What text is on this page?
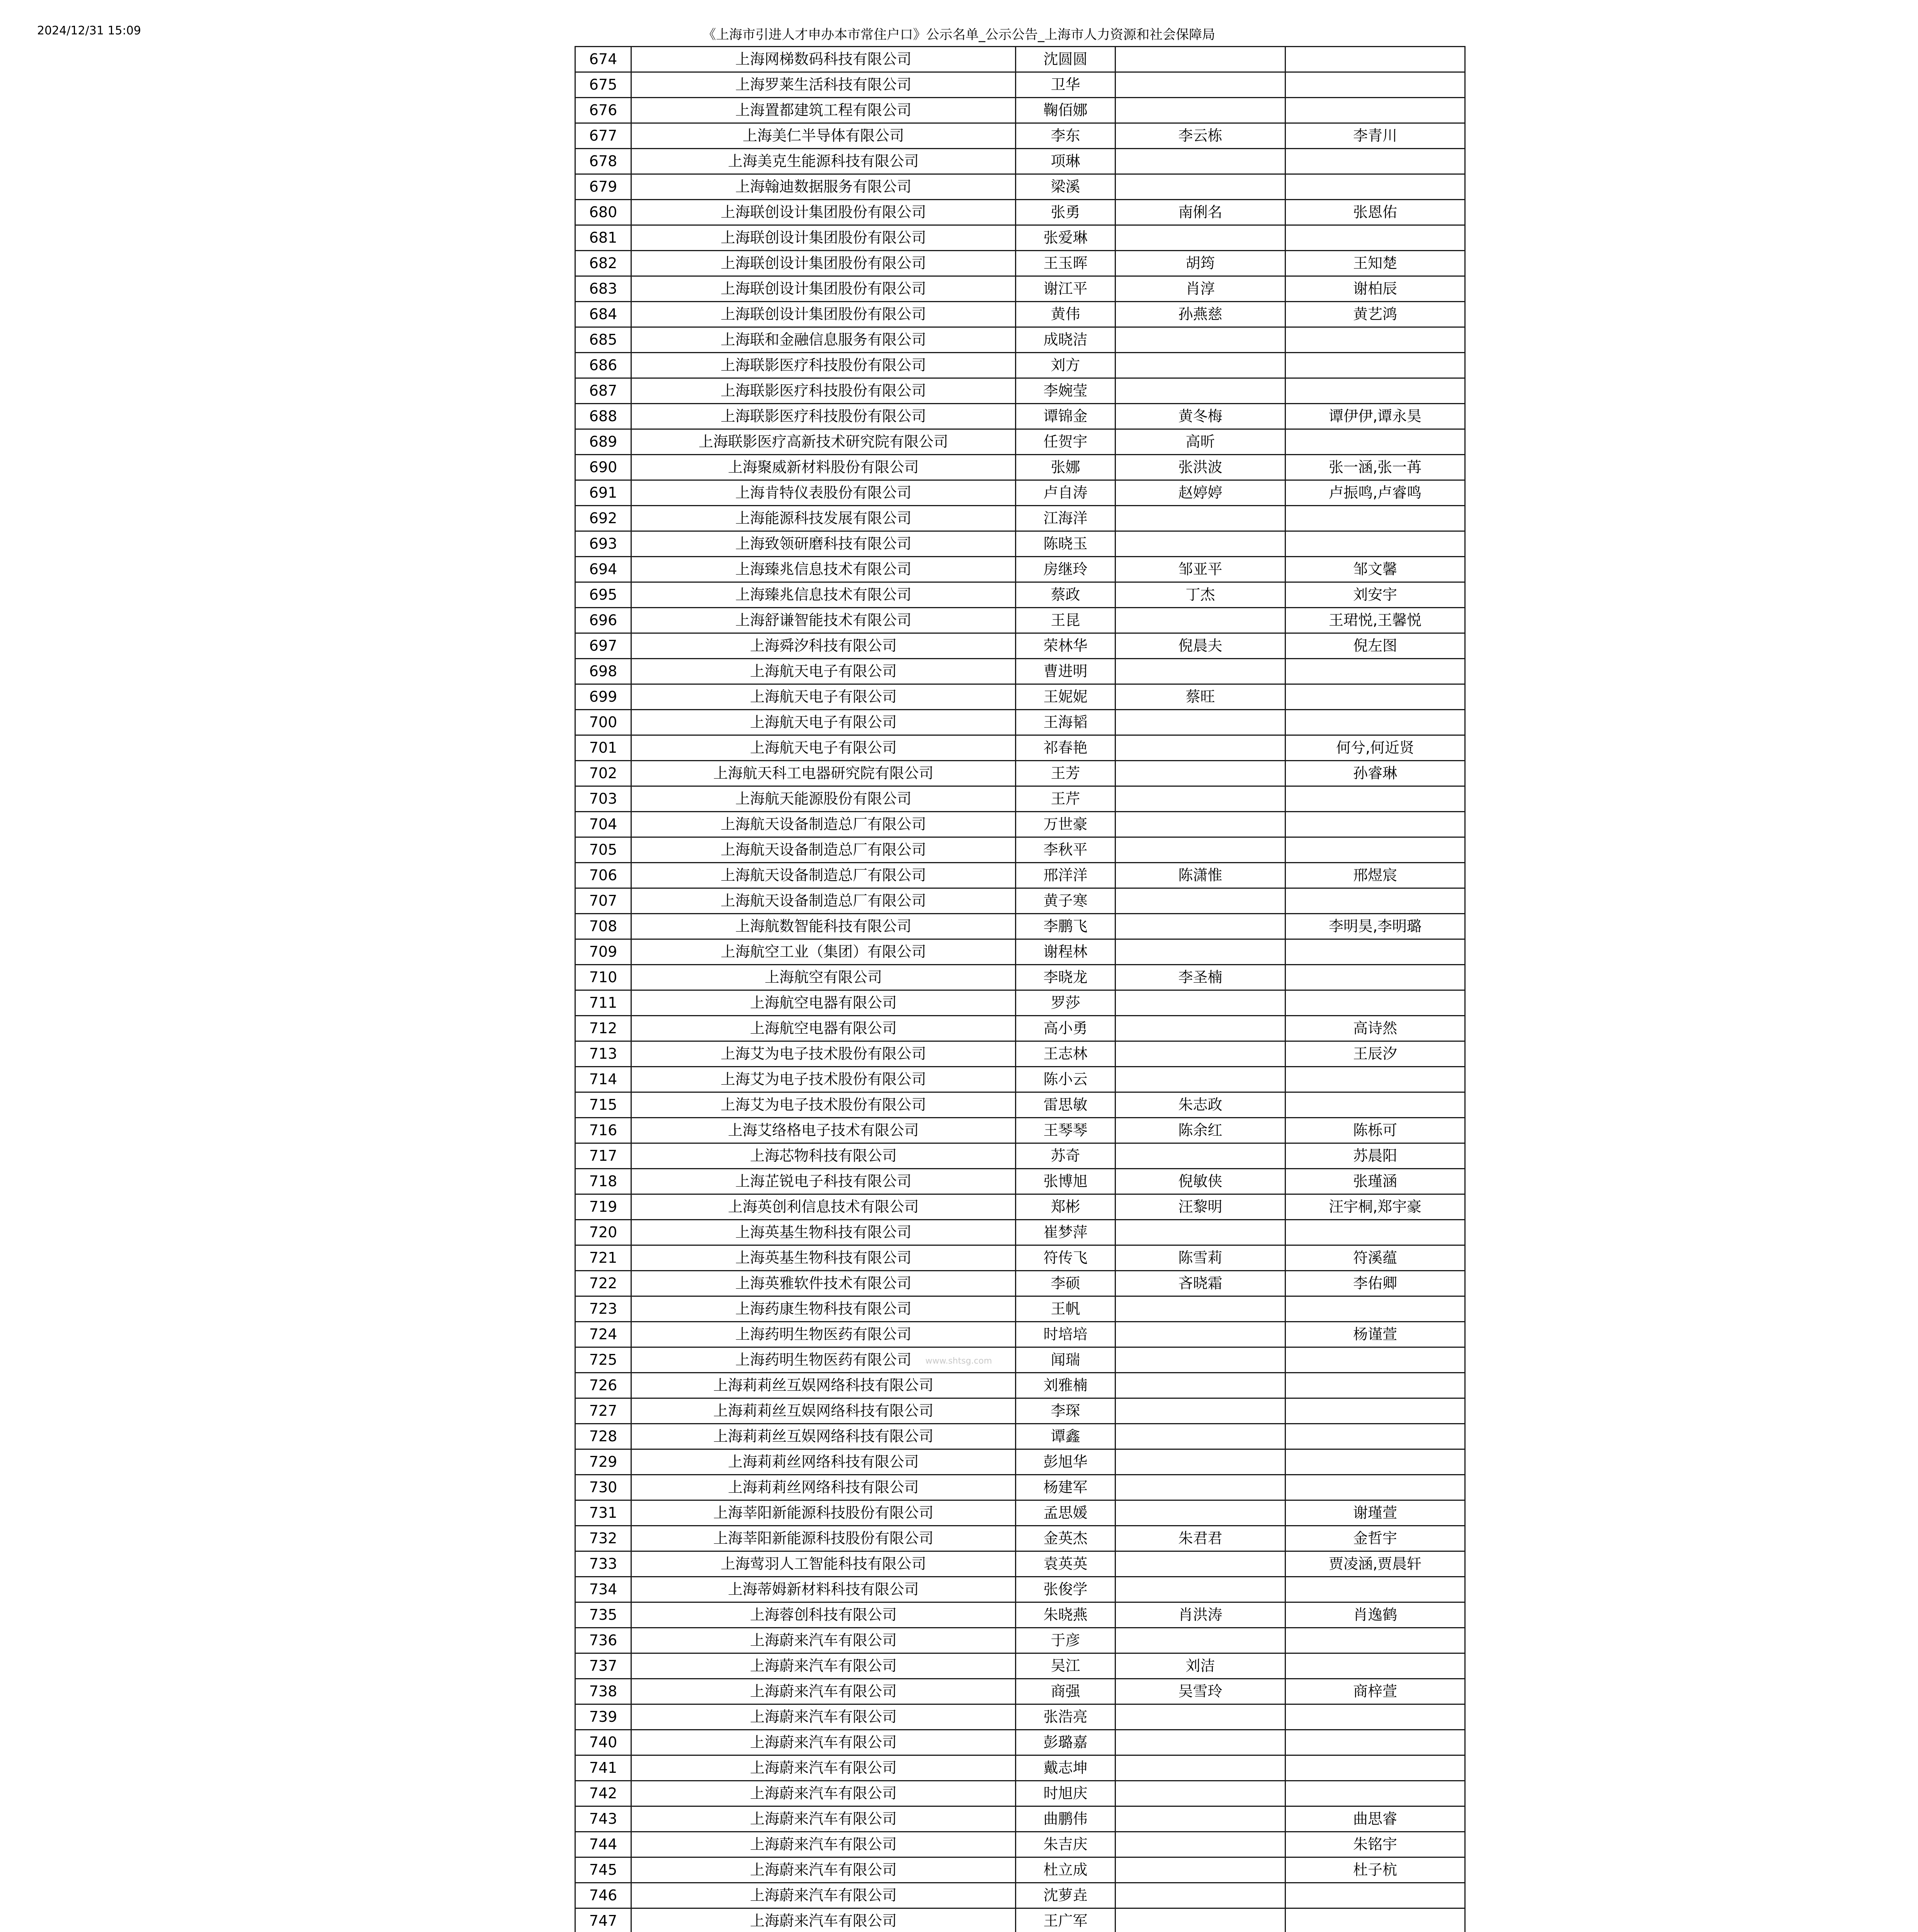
2024/12/31 15:09	《上海市引进人才申办本市常住户口》公示名单_公示公告_上海市人力资源和社会保障局
674	上海网梯数码科技有限公司	沈圆圆		
675	上海罗莱生活科技有限公司	卫华		
676	上海置都建筑工程有限公司	鞠佰娜		
677	上海美仁半导体有限公司	李东	李云栋	李青川
678	上海美克生能源科技有限公司	项琳		
679	上海翰迪数据服务有限公司	梁溪		
680	上海联创设计集团股份有限公司	张勇	南俐名	张恩佑
681	上海联创设计集团股份有限公司	张爱琳		
682	上海联创设计集团股份有限公司	王玉晖	胡筠	王知楚
683	上海联创设计集团股份有限公司	谢江平	肖淳	谢柏辰
684	上海联创设计集团股份有限公司	黄伟	孙燕慈	黄艺鸿
685	上海联和金融信息服务有限公司	成晓洁		
686	上海联影医疗科技股份有限公司	刘方		
687	上海联影医疗科技股份有限公司	李婉莹		
688	上海联影医疗科技股份有限公司	谭锦金	黄冬梅	谭伊伊,谭永昊
689	上海联影医疗高新技术研究院有限公司	任贺宇	高昕	
690	上海聚威新材料股份有限公司	张娜	张洪波	张一涵,张一苒
691	上海肯特仪表股份有限公司	卢自涛	赵婷婷	卢振鸣,卢睿鸣
692	上海能源科技发展有限公司	江海洋		
693	上海致领研磨科技有限公司	陈晓玉		
694	上海臻兆信息技术有限公司	房继玲	邹亚平	邹文馨
695	上海臻兆信息技术有限公司	蔡政	丁杰	刘安宇
696	上海舒谦智能技术有限公司	王昆		王珺悦,王馨悦
697	上海舜汐科技有限公司	荣林华	倪晨夫	倪左图
698	上海航天电子有限公司	曹进明		
699	上海航天电子有限公司	王妮妮	蔡旺	
700	上海航天电子有限公司	王海韬		
701	上海航天电子有限公司	祁春艳		何兮,何近贤
702	上海航天科工电器研究院有限公司	王芳		孙睿琳
703	上海航天能源股份有限公司	王芹		
704	上海航天设备制造总厂有限公司	万世豪		
705	上海航天设备制造总厂有限公司	李秋平		
706	上海航天设备制造总厂有限公司	邢洋洋	陈潇惟	邢煜宸
707	上海航天设备制造总厂有限公司	黄子寒		
708	上海航数智能科技有限公司	李鹏飞		李明昊,李明璐
709	上海航空工业（集团）有限公司	谢程林		
710	上海航空有限公司	李晓龙	李圣楠	
711	上海航空电器有限公司	罗莎		
712	上海航空电器有限公司	高小勇		高诗然
713	上海艾为电子技术股份有限公司	王志林		王辰汐
714	上海艾为电子技术股份有限公司	陈小云		
715	上海艾为电子技术股份有限公司	雷思敏	朱志政	
716	上海艾络格电子技术有限公司	王琴琴	陈余红	陈栎可
717	上海芯物科技有限公司	苏奇		苏晨阳
718	上海芷锐电子科技有限公司	张博旭	倪敏侠	张瑾涵
719	上海英创利信息技术有限公司	郑彬	汪黎明	汪宇桐,郑宇豪
720	上海英基生物科技有限公司	崔梦萍		
721	上海英基生物科技有限公司	符传飞	陈雪莉	符溪蕴
722	上海英雅软件技术有限公司	李硕	吝晓霜	李佑卿
723	上海药康生物科技有限公司	王帆		
724	上海药明生物医药有限公司	时培培		杨谨萱
725	上海药明生物医药有限公司	闻瑞		
726	上海莉莉丝互娱网络科技有限公司	刘雅楠		
727	上海莉莉丝互娱网络科技有限公司	李琛		
728	上海莉莉丝互娱网络科技有限公司	谭鑫		
729	上海莉莉丝网络科技有限公司	彭旭华		
730	上海莉莉丝网络科技有限公司	杨建军		
731	上海莘阳新能源科技股份有限公司	孟思媛		谢瑾萱
732	上海莘阳新能源科技股份有限公司	金英杰	朱君君	金哲宇
733	上海莺羽人工智能科技有限公司	袁英英		贾凌涵,贾晨轩
734	上海蒂姆新材料科技有限公司	张俊学		
735	上海蓉创科技有限公司	朱晓燕	肖洪涛	肖逸鹤
736	上海蔚来汽车有限公司	于彦		
737	上海蔚来汽车有限公司	吴江	刘洁	
738	上海蔚来汽车有限公司	商强	吴雪玲	商梓萱
739	上海蔚来汽车有限公司	张浩亮		
740	上海蔚来汽车有限公司	彭璐嘉		
741	上海蔚来汽车有限公司	戴志坤		
742	上海蔚来汽车有限公司	时旭庆		
743	上海蔚来汽车有限公司	曲鹏伟		曲思睿
744	上海蔚来汽车有限公司	朱吉庆		朱铭宇
745	上海蔚来汽车有限公司	杜立成		杜子杭
746	上海蔚来汽车有限公司	沈萝垚		
747	上海蔚来汽车有限公司	王广军		

www.shtsg.com
